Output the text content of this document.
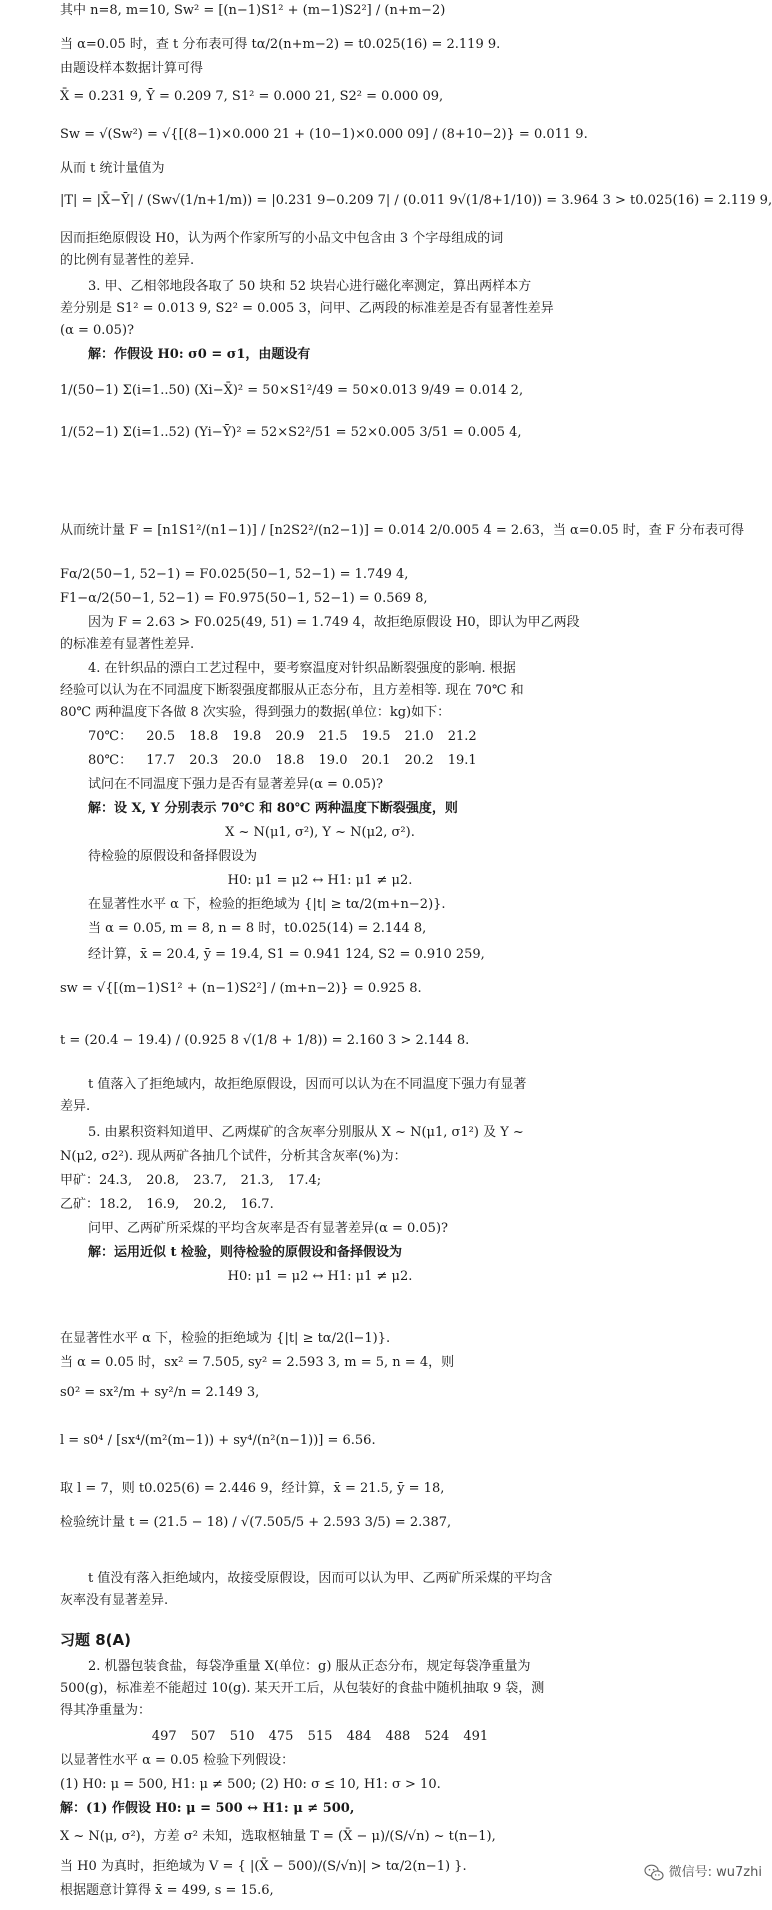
其中 n=8, m=10, Sw² = [(n−1)S1² + (m−1)S2²] / (n+m−2)
当 α=0.05 时，查 t 分布表可得 tα/2(n+m−2) = t0.025(16) = 2.119 9.
由题设样本数据计算可得
X̄ = 0.231 9, Ȳ = 0.209 7, S1² = 0.000 21, S2² = 0.000 09,
Sw = √(Sw²) = √{[(8−1)×0.000 21 + (10−1)×0.000 09] / (8+10−2)} = 0.011 9.
从而 t 统计量值为
|T| = |X̄−Ȳ| / (Sw√(1/n+1/m)) = |0.231 9−0.209 7| / (0.011 9√(1/8+1/10)) = 3.964 3 > t0.025(16) = 2.119 9,
因而拒绝原假设 H0，认为两个作家所写的小品文中包含由 3 个字母组成的词
的比例有显著性的差异.
3. 甲、乙相邻地段各取了 50 块和 52 块岩心进行磁化率测定，算出两样本方
差分别是 S1² = 0.013 9, S2² = 0.005 3，问甲、乙两段的标准差是否有显著性差异
(α = 0.05)?
解：作假设 H0: σ0 = σ1，由题设有
1/(50−1) Σ(i=1..50) (Xi−X̄)² = 50×S1²/49 = 50×0.013 9/49 = 0.014 2,
1/(52−1) Σ(i=1..52) (Yi−Ȳ)² = 52×S2²/51 = 52×0.005 3/51 = 0.005 4,
从而统计量 F = [n1S1²/(n1−1)] / [n2S2²/(n2−1)] = 0.014 2/0.005 4 = 2.63，当 α=0.05 时，查 F 分布表可得
Fα/2(50−1, 52−1) = F0.025(50−1, 52−1) = 1.749 4,
F1−α/2(50−1, 52−1) = F0.975(50−1, 52−1) = 0.569 8,
因为 F = 2.63 > F0.025(49, 51) = 1.749 4，故拒绝原假设 H0，即认为甲乙两段
的标准差有显著性差异.
4. 在针织品的漂白工艺过程中，要考察温度对针织品断裂强度的影响. 根据
经验可以认为在不同温度下断裂强度都服从正态分布，且方差相等. 现在 70℃ 和
80℃ 两种温度下各做 8 次实验，得到强力的数据(单位：kg)如下：
70℃： 20.5 18.8 19.8 20.9 21.5 19.5 21.0 21.2
80℃： 17.7 20.3 20.0 18.8 19.0 20.1 20.2 19.1
试问在不同温度下强力是否有显著差异(α = 0.05)?
解：设 X, Y 分别表示 70℃ 和 80℃ 两种温度下断裂强度，则
X ~ N(μ1, σ²), Y ~ N(μ2, σ²).
待检验的原假设和备择假设为
H0: μ1 = μ2 ↔ H1: μ1 ≠ μ2.
在显著性水平 α 下，检验的拒绝域为 {|t| ≥ tα/2(m+n−2)}.
当 α = 0.05, m = 8, n = 8 时，t0.025(14) = 2.144 8,
经计算，x̄ = 20.4, ȳ = 19.4, S1 = 0.941 124, S2 = 0.910 259,
sw = √{[(m−1)S1² + (n−1)S2²] / (m+n−2)} = 0.925 8.
t = (20.4 − 19.4) / (0.925 8 √(1/8 + 1/8)) = 2.160 3 > 2.144 8.
t 值落入了拒绝域内，故拒绝原假设，因而可以认为在不同温度下强力有显著
差异.
5. 由累积资料知道甲、乙两煤矿的含灰率分别服从 X ~ N(μ1, σ1²) 及 Y ~
N(μ2, σ2²). 现从两矿各抽几个试件，分析其含灰率(%)为：
甲矿：24.3, 20.8, 23.7, 21.3, 17.4;
乙矿：18.2, 16.9, 20.2, 16.7.
问甲、乙两矿所采煤的平均含灰率是否有显著差异(α = 0.05)?
解：运用近似 t 检验，则待检验的原假设和备择假设为
H0: μ1 = μ2 ↔ H1: μ1 ≠ μ2.
在显著性水平 α 下，检验的拒绝域为 {|t| ≥ tα/2(l−1)}.
当 α = 0.05 时，sx² = 7.505, sy² = 2.593 3, m = 5, n = 4，则
s0² = sx²/m + sy²/n = 2.149 3,
l = s0⁴ / [sx⁴/(m²(m−1)) + sy⁴/(n²(n−1))] = 6.56.
取 l = 7，则 t0.025(6) = 2.446 9，经计算，x̄ = 21.5, ȳ = 18,
检验统计量 t = (21.5 − 18) / √(7.505/5 + 2.593 3/5) = 2.387,
t 值没有落入拒绝域内，故接受原假设，因而可以认为甲、乙两矿所采煤的平均含
灰率没有显著差异.
习题 8(A)
2. 机器包装食盐，每袋净重量 X(单位：g) 服从正态分布，规定每袋净重量为
500(g)，标准差不能超过 10(g). 某天开工后，从包装好的食盐中随机抽取 9 袋，测
得其净重量为：
497 507 510 475 515 484 488 524 491
以显著性水平 α = 0.05 检验下列假设：
(1) H0: μ = 500, H1: μ ≠ 500; (2) H0: σ ≤ 10, H1: σ > 10.
解：(1) 作假设 H0: μ = 500 ↔ H1: μ ≠ 500,
X ~ N(μ, σ²)，方差 σ² 未知，选取枢轴量 T = (X̄ − μ)/(S/√n) ~ t(n−1),
当 H0 为真时，拒绝域为 V = { |(X̄ − 500)/(S/√n)| > tα/2(n−1) }.
根据题意计算得 x̄ = 499, s = 15.6,
微信号: wu7zhi
